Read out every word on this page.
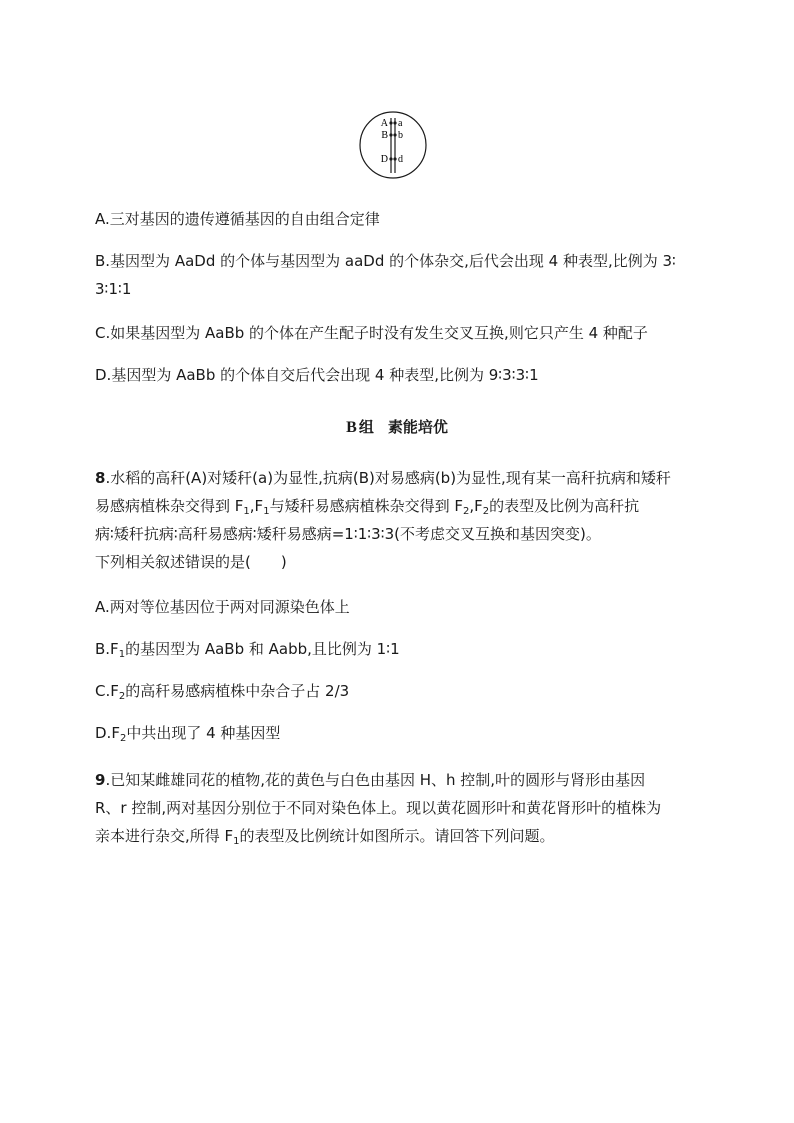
A a
B b
D d

A.三对基因的遗传遵循基因的自由组合定律

B.基因型为 AaDd 的个体与基因型为 aaDd 的个体杂交,后代会出现 4 种表型,比例为 3∶
3∶1∶1

C.如果基因型为 AaBb 的个体在产生配子时没有发生交叉互换,则它只产生 4 种配子

D.基因型为 AaBb 的个体自交后代会出现 4 种表型,比例为 9∶3∶3∶1

B 组 素能培优

8.水稻的高秆(A)对矮秆(a)为显性,抗病(B)对易感病(b)为显性,现有某一高秆抗病和矮秆
易感病植株杂交得到 $F_1,F_1$与矮秆易感病植株杂交得到 $F_2,F_2$的表型及比例为高秆抗
病∶矮秆抗病∶高秆易感病∶矮秆易感病=1∶1∶3∶3(不考虑交叉互换和基因突变)。
下列相关叙述错误的是(　　)

A.两对等位基因位于两对同源染色体上

$B.F_1$的基因型为 AaBb 和 Aabb,且比例为 1∶1

$C.F_2$的高秆易感病植株中杂合子占 2/3

$D.F_2$中共出现了 4 种基因型

9.已知某雌雄同花的植物,花的黄色与白色由基因 H、h 控制,叶的圆形与肾形由基因
R、r 控制,两对基因分别位于不同对染色体上。现以黄花圆形叶和黄花肾形叶的植株为
亲本进行杂交,所得 $F_1$的表型及比例统计如图所示。请回答下列问题。
